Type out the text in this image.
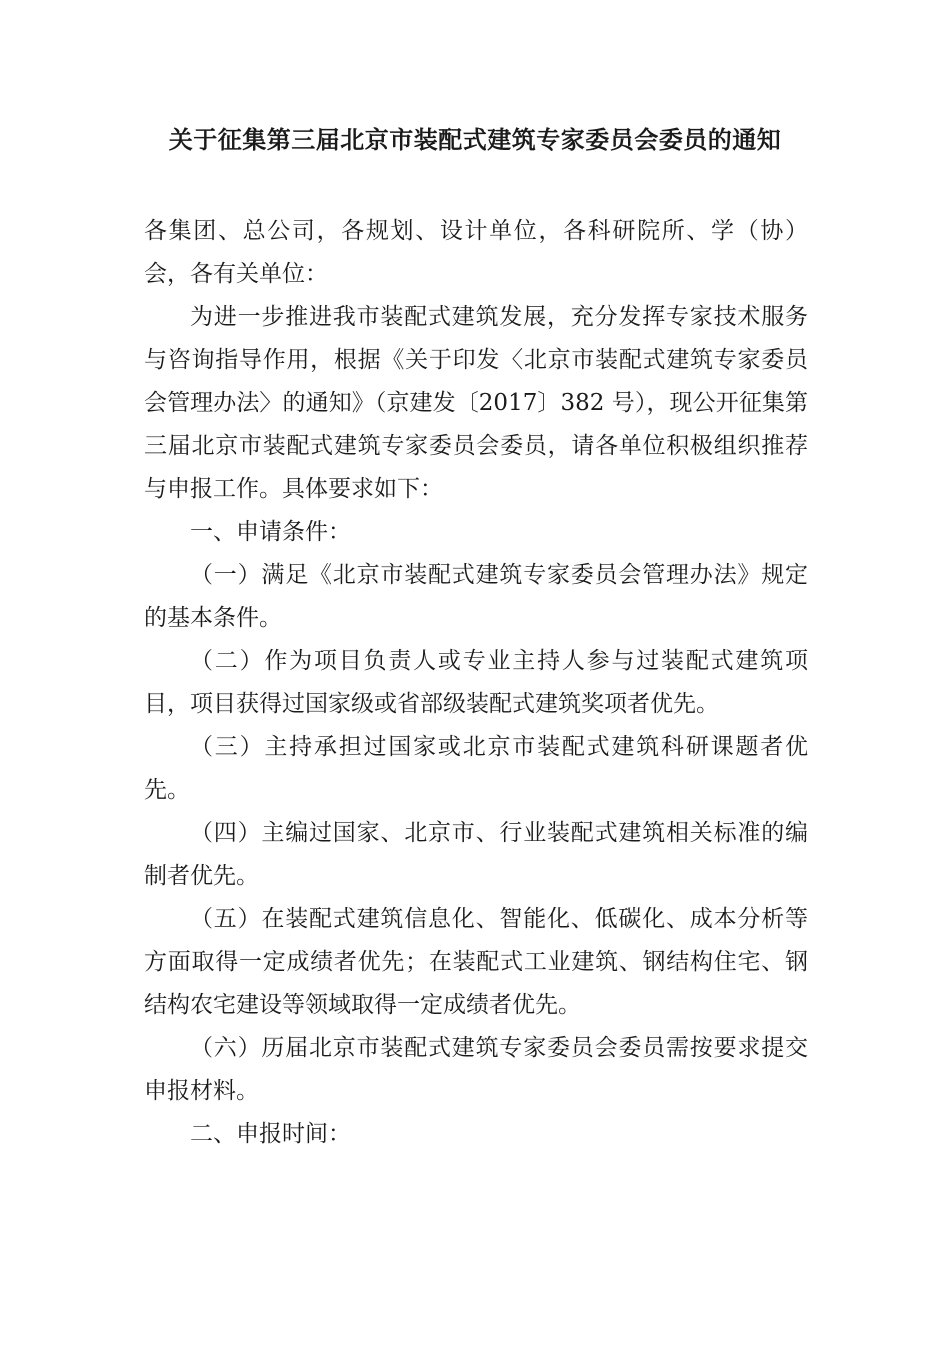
关于征集第三届北京市装配式建筑专家委员会委员的通知

各集团、总公司，各规划、设计单位，各科研院所、学（协）会，各有关单位：

为进一步推进我市装配式建筑发展，充分发挥专家技术服务与咨询指导作用，根据《关于印发〈北京市装配式建筑专家委员会管理办法〉的通知》（京建发〔2017〕382 号），现公开征集第三届北京市装配式建筑专家委员会委员，请各单位积极组织推荐与申报工作。具体要求如下：

一、申请条件：

（一）满足《北京市装配式建筑专家委员会管理办法》规定的基本条件。

（二）作为项目负责人或专业主持人参与过装配式建筑项目，项目获得过国家级或省部级装配式建筑奖项者优先。

（三）主持承担过国家或北京市装配式建筑科研课题者优先。

（四）主编过国家、北京市、行业装配式建筑相关标准的编制者优先。

（五）在装配式建筑信息化、智能化、低碳化、成本分析等方面取得一定成绩者优先；在装配式工业建筑、钢结构住宅、钢结构农宅建设等领域取得一定成绩者优先。

（六）历届北京市装配式建筑专家委员会委员需按要求提交申报材料。

二、申报时间：
